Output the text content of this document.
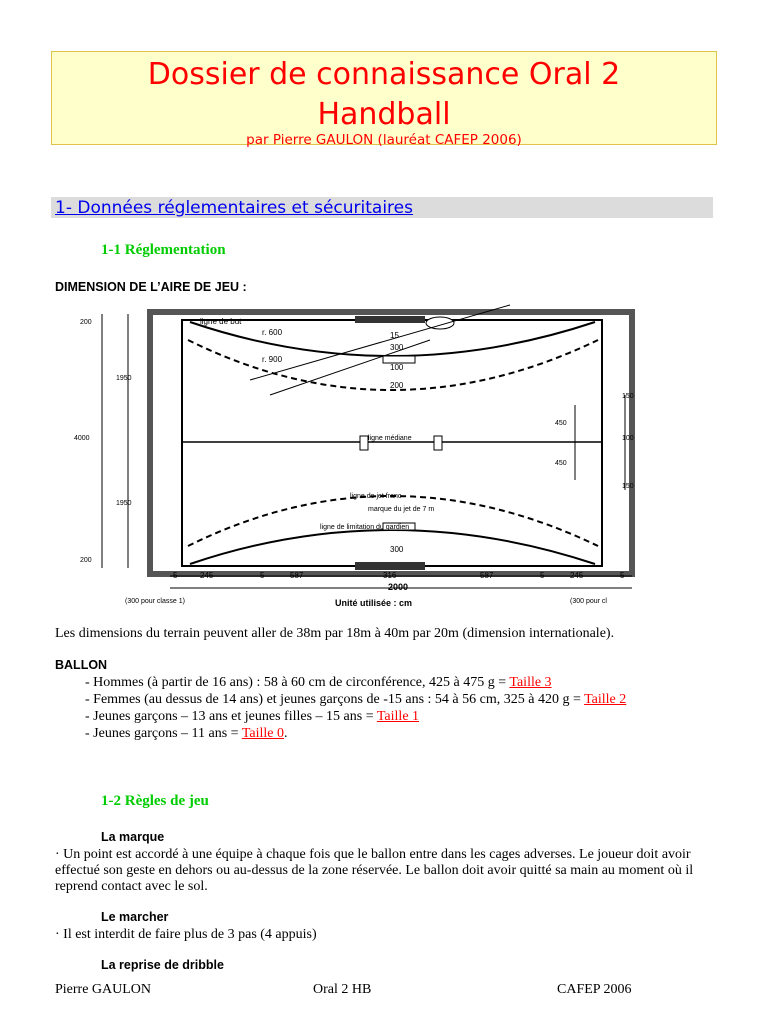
Dossier de connaissance Oral 2
Handball
par Pierre GAULON (lauréat CAFEP 2006)
1- Données réglementaires et sécuritaires
1-1 Réglementation
DIMENSION DE L’AIRE DE JEU :
ligne de but
r. 600
r. 900
ligne médiane
ligne de jet franc
marque du jet de 7 m
ligne de limitation du gardien
15
300
100
200
300
2000
Unité utilisée : cm
5	245	5	587	316	587	5	245	5
200
1950
4000
1950
200
150
450
100
450
150
(300 pour classe 1)	(300 pour cl
Les dimensions du terrain peuvent aller de 38m par 18m à 40m par 20m (dimension internationale).
BALLON
- Hommes (à partir de 16 ans) : 58 à 60 cm de circonférence, 425 à 475 g = Taille 3
- Femmes (au dessus de 14 ans) et jeunes garçons de -15 ans : 54 à 56 cm, 325 à 420 g = Taille 2
- Jeunes garçons – 13 ans et jeunes filles – 15 ans = Taille 1
- Jeunes garçons – 11 ans = Taille 0.
1-2 Règles de jeu
La marque
· Un point est accordé à une équipe à chaque fois que le ballon entre dans les cages adverses. Le joueur doit avoir effectué son geste en dehors ou au-dessus de la zone réservée. Le ballon doit avoir quitté sa main au moment où il reprend contact avec le sol.
Le marcher
· Il est interdit de faire plus de 3 pas (4 appuis)
La reprise de dribble
Pierre GAULON	Oral 2 HB	CAFEP 2006
